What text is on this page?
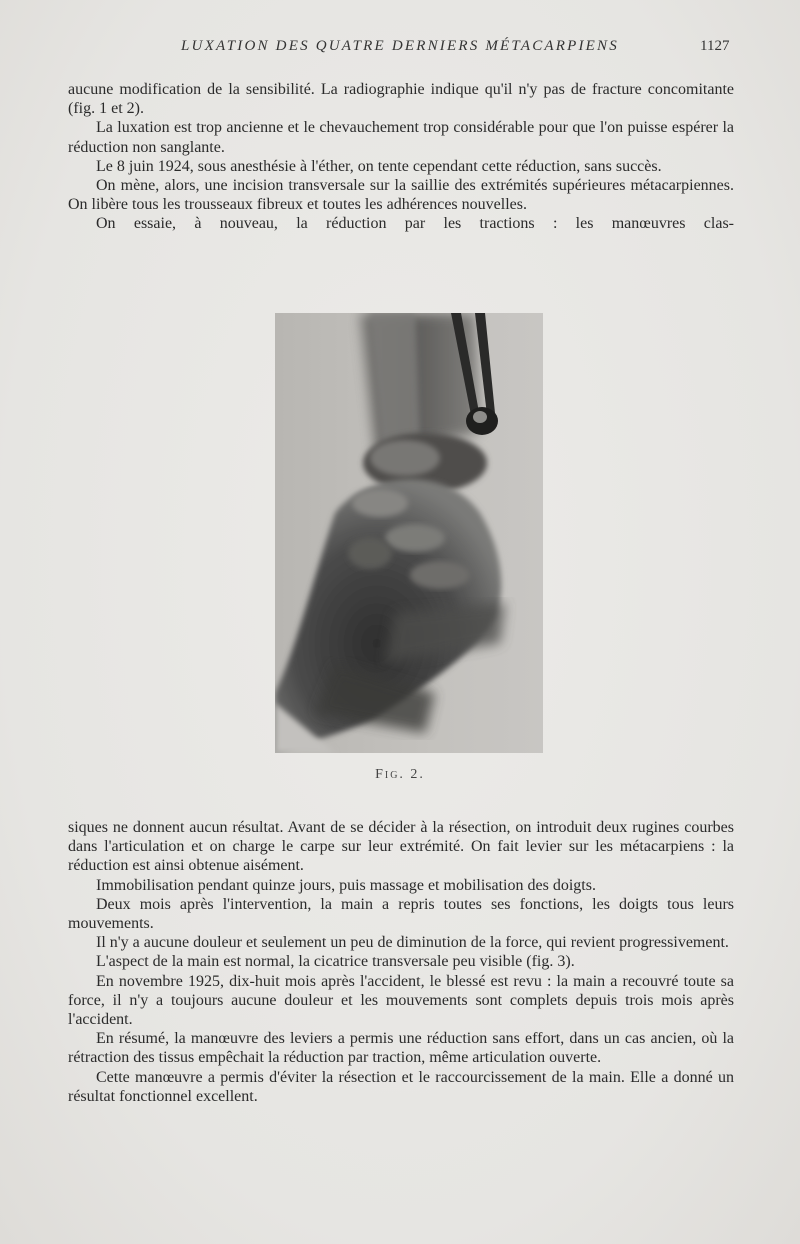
LUXATION DES QUATRE DERNIERS MÉTACARPIENS	1127

aucune modification de la sensibilité. La radiographie indique qu'il n'y pas de fracture concomitante (fig. 1 et 2).

La luxation est trop ancienne et le chevauchement trop considérable pour que l'on puisse espérer la réduction non sanglante.

Le 8 juin 1924, sous anesthésie à l'éther, on tente cependant cette réduction, sans succès.

On mène, alors, une incision transversale sur la saillie des extrémités supérieures métacarpiennes. On libère tous les trousseaux fibreux et toutes les adhérences nouvelles.

On essaie, à nouveau, la réduction par les tractions : les manœuvres clas-

Fig. 2.

siques ne donnent aucun résultat. Avant de se décider à la résection, on introduit deux rugines courbes dans l'articulation et on charge le carpe sur leur extrémité. On fait levier sur les métacarpiens : la réduction est ainsi obtenue aisément.

Immobilisation pendant quinze jours, puis massage et mobilisation des doigts.

Deux mois après l'intervention, la main a repris toutes ses fonctions, les doigts tous leurs mouvements.

Il n'y a aucune douleur et seulement un peu de diminution de la force, qui revient progressivement.

L'aspect de la main est normal, la cicatrice transversale peu visible (fig. 3).

En novembre 1925, dix-huit mois après l'accident, le blessé est revu : la main a recouvré toute sa force, il n'y a toujours aucune douleur et les mouvements sont complets depuis trois mois après l'accident.

En résumé, la manœuvre des leviers a permis une réduction sans effort, dans un cas ancien, où la rétraction des tissus empêchait la réduction par traction, même articulation ouverte.

Cette manœuvre a permis d'éviter la résection et le raccourcissement de la main. Elle a donné un résultat fonctionnel excellent.
